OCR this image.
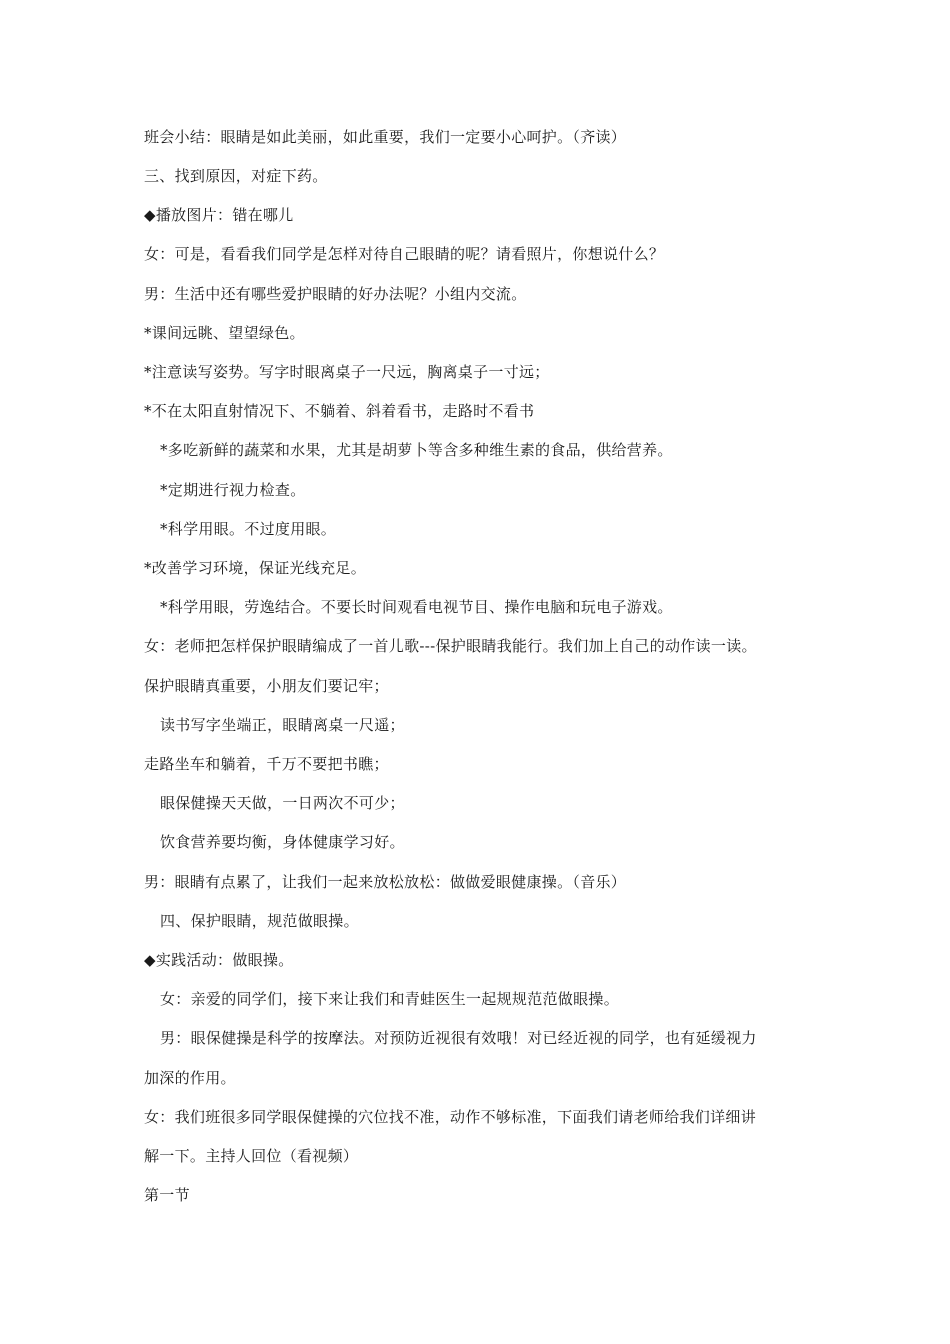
班会小结：眼睛是如此美丽，如此重要，我们一定要小心呵护。（齐读）
三、找到原因，对症下药。
◆播放图片：错在哪儿
女：可是，看看我们同学是怎样对待自己眼睛的呢？请看照片，你想说什么？
男：生活中还有哪些爱护眼睛的好办法呢？小组内交流。
*课间远眺、望望绿色。
*注意读写姿势。写字时眼离桌子一尺远，胸离桌子一寸远；
*不在太阳直射情况下、不躺着、斜着看书，走路时不看书
*多吃新鲜的蔬菜和水果，尤其是胡萝卜等含多种维生素的食品，供给营养。
*定期进行视力检查。
*科学用眼。不过度用眼。
*改善学习环境，保证光线充足。
*科学用眼，劳逸结合。不要长时间观看电视节目、操作电脑和玩电子游戏。
女：老师把怎样保护眼睛编成了一首儿歌---保护眼睛我能行。我们加上自己的动作读一读。
保护眼睛真重要，小朋友们要记牢；
读书写字坐端正，眼睛离桌一尺遥；
走路坐车和躺着，千万不要把书瞧；
眼保健操天天做，一日两次不可少；
饮食营养要均衡，身体健康学习好。
男：眼睛有点累了，让我们一起来放松放松：做做爱眼健康操。（音乐）
四、保护眼睛，规范做眼操。
◆实践活动：做眼操。
女：亲爱的同学们，接下来让我们和青蛙医生一起规规范范做眼操。
男：眼保健操是科学的按摩法。对预防近视很有效哦！对已经近视的同学，也有延缓视力
加深的作用。
女：我们班很多同学眼保健操的穴位找不准，动作不够标准，下面我们请老师给我们详细讲
解一下。主持人回位（看视频）
第一节
